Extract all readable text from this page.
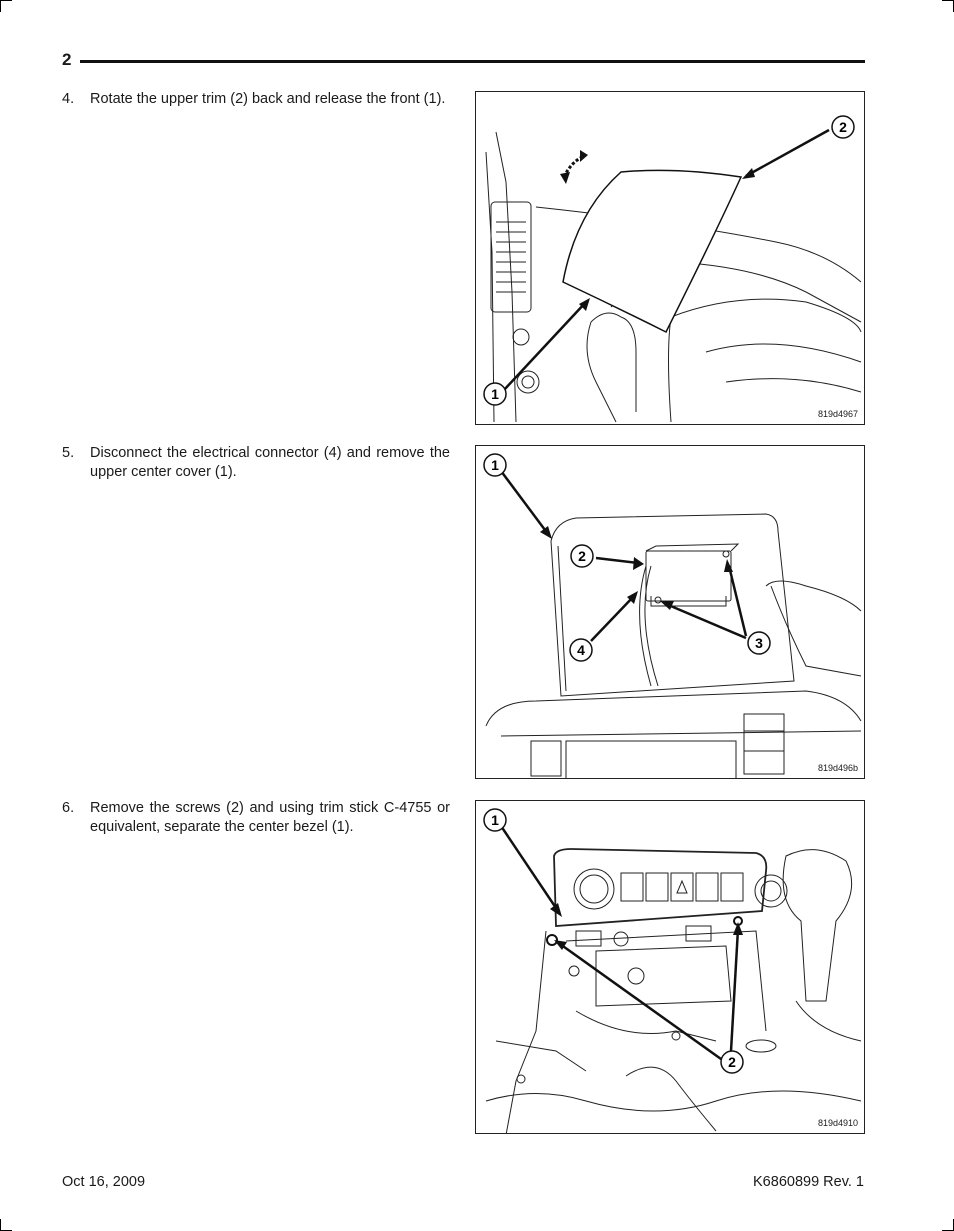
2
4.	Rotate the upper trim (2) back and release the front (1).
2
1
819d4967
5.	Disconnect the electrical connector (4) and remove the upper center cover (1).	1
2
3
4
819d496b
6.	Remove the screws (2) and using trim stick C-4755 or equivalent, separate the center bezel (1).	1
2
819d4910
Oct 16, 2009	K6860899 Rev. 1
